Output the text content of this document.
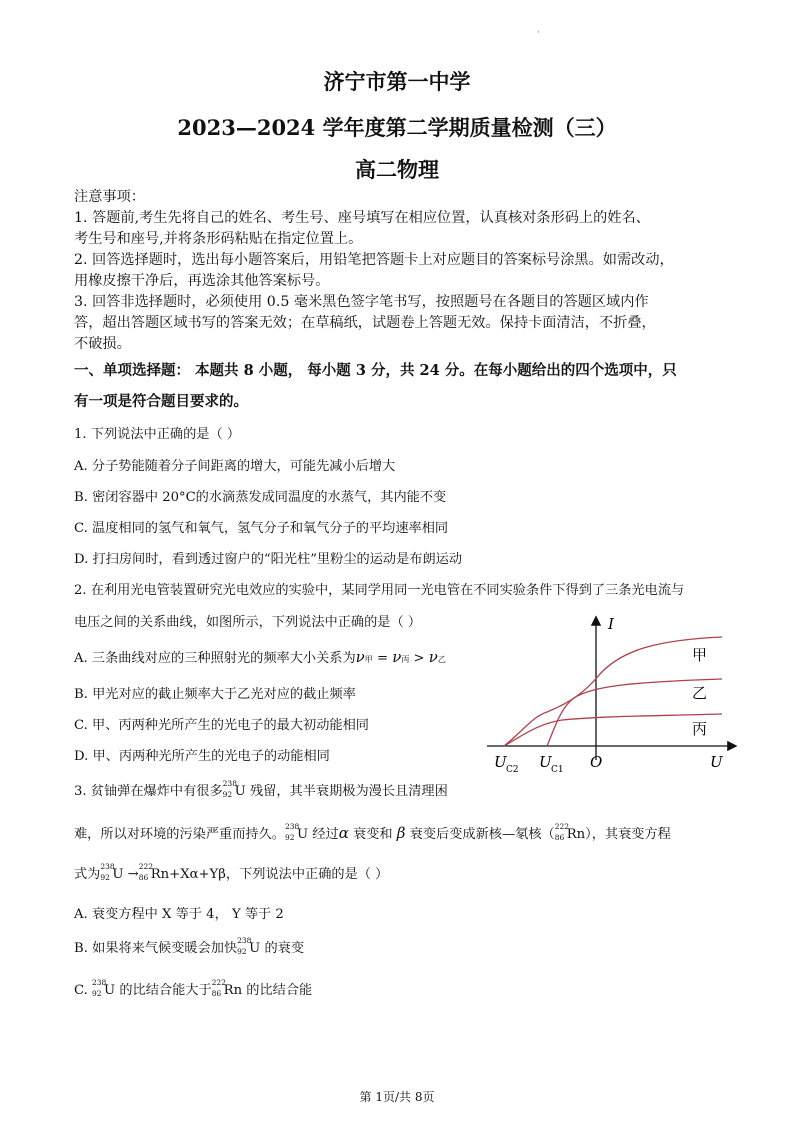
·
济宁市第一中学
2023—2024 学年度第二学期质量检测（三）
高二物理
注意事项：
1. 答题前,考生先将自己的姓名、考生号、座号填写在相应位置，认真核对条形码上的姓名、
考生号和座号,并将条形码粘贴在指定位置上。
2. 回答选择题时，选出每小题答案后，用铅笔把答题卡上对应题目的答案标号涂黑。如需改动，
用橡皮擦干净后，再选涂其他答案标号。
3. 回答非选择题时，必须使用 0.5 毫米黑色签字笔书写，按照题号在各题目的答题区域内作
答，超出答题区域书写的答案无效；在草稿纸，试题卷上答题无效。保持卡面清洁，不折叠，
不破损。
一、单项选择题： 本题共 8 小题， 每小题 3 分，共 24 分。在每小题给出的四个选项中，只
有一项是符合题目要求的。
1. 下列说法中正确的是（ ）
A. 分子势能随着分子间距离的增大，可能先减小后增大
B. 密闭容器中 20°C的水滴蒸发成同温度的水蒸气，其内能不变
C. 温度相同的氢气和氧气，氢气分子和氧气分子的平均速率相同
D. 打扫房间时，看到透过窗户的“阳光柱”里粉尘的运动是布朗运动
2. 在利用光电管装置研究光电效应的实验中，某同学用同一光电管在不同实验条件下得到了三条光电流与
电压之间的关系曲线，如图所示，下列说法中正确的是（ ）
A. 三条曲线对应的三种照射光的频率大小关系为ν甲 = ν丙 > ν乙
B. 甲光对应的截止频率大于乙光对应的截止频率
C. 甲、丙两种光所产生的光电子的最大初动能相同
D. 甲、丙两种光所产生的光电子的动能相同
I
U
O
U C2 U C1
甲
乙
丙
3. 贫铀弹在爆炸中有很多
238
92 U 残留，其半衰期极为漫长且清理困
难，所以对环境的污染严重而持久。
238
92 U 经过α 衰变和 β 衰变后变成新核—氡核（
222
86 Rn），其衰变方程
式为
238
92 U →
222
86 Rn+Xα+Yβ，下列说法中正确的是（ ）
A. 衰变方程中 X 等于 4， Y 等于 2
B. 如果将来气候变暖会加快
238
92 U 的衰变
C.
238
92 U 的比结合能大于
222
86 Rn 的比结合能
第 1页/共 8页
